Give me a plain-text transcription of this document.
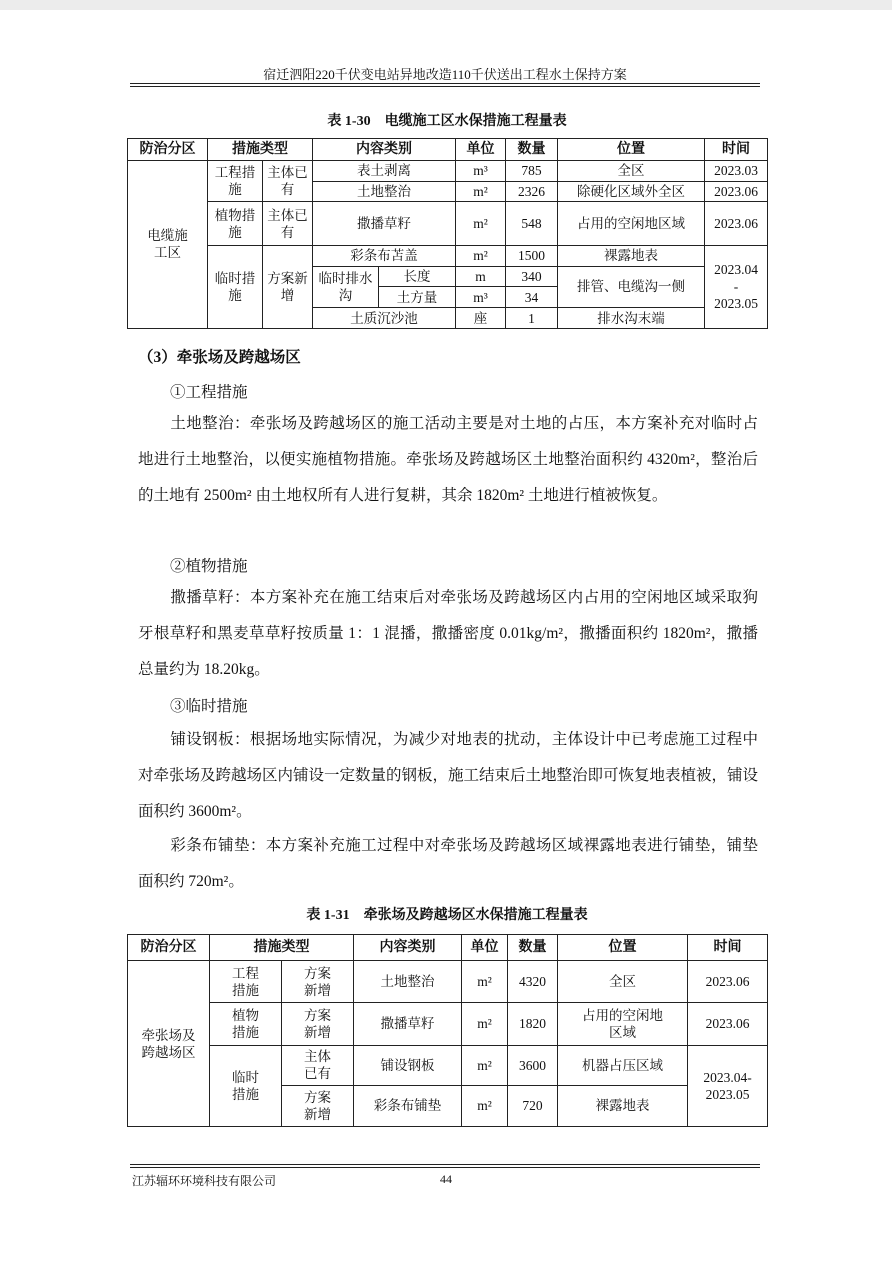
宿迁泗阳220千伏变电站异地改造110千伏送出工程水土保持方案
表 1-30　电缆施工区水保措施工程量表
防治分区	措施类型		内容类别		单位	数量	位置	时间
电缆施工区	工程措施	主体已有	表土剥离		m³	785	全区	2023.03
			土地整治		m²	2326	除硬化区域外全区	2023.06
	植物措施	主体已有	撒播草籽		m²	548	占用的空闲地区域	2023.06
	临时措施	方案新增	彩条布苫盖		m²	1500	裸露地表	2023.04
-
2023.05
			临时排水沟	长度	m	340	排管、电缆沟一侧	
				土方量	m³	34		
			土质沉沙池		座	1	排水沟末端	
（3）牵张场及跨越场区
①工程措施

土地整治：牵张场及跨越场区的施工活动主要是对土地的占压，本方案补充对临时占地进行土地整治，以便实施植物措施。牵张场及跨越场区土地整治面积约 4320m²，整治后的土地有 2500m² 由土地权所有人进行复耕，其余 1820m² 土地进行植被恢复。

②植物措施

撒播草籽：本方案补充在施工结束后对牵张场及跨越场区内占用的空闲地区域采取狗牙根草籽和黑麦草草籽按质量 1：1 混播，撒播密度 0.01kg/m²，撒播面积约 1820m²，撒播总量约为 18.20kg。

③临时措施

铺设钢板：根据场地实际情况，为减少对地表的扰动，主体设计中已考虑施工过程中对牵张场及跨越场区内铺设一定数量的钢板，施工结束后土地整治即可恢复地表植被，铺设面积约 3600m²。

彩条布铺垫：本方案补充施工过程中对牵张场及跨越场区域裸露地表进行铺垫，铺垫面积约 720m²。

表 1-31　牵张场及跨越场区水保措施工程量表
防治分区	措施类型		内容类别	单位	数量	位置	时间
牵张场及跨越场区	工程措施	方案新增	土地整治	m²	4320	全区	2023.06
	植物措施	方案新增	撒播草籽	m²	1820	占用的空闲地区域	2023.06
	临时措施	主体已有	铺设钢板	m²	3600	机器占压区域	2023.04-
2023.05
		方案新增	彩条布铺垫	m²	720	裸露地表	
江苏辐环环境科技有限公司	44
